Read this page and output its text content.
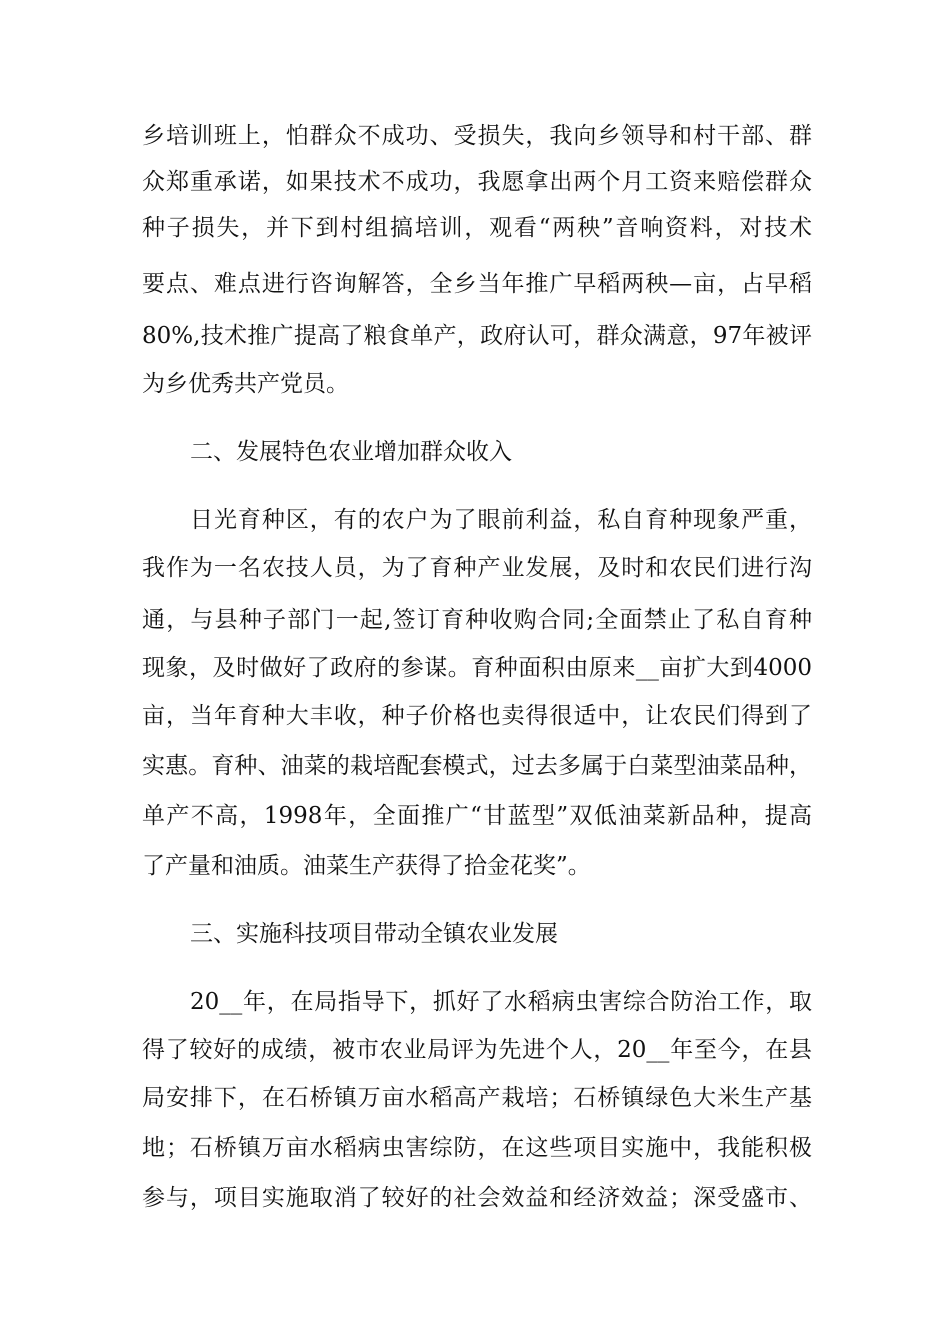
乡培训班上，怕群众不成功、受损失，我向乡领导和村干部、群
众郑重承诺，如果技术不成功，我愿拿出两个月工资来赔偿群众
种子损失，并下到村组搞培训，观看“两秧”音响资料，对技术
要点、难点进行咨询解答，全乡当年推广早稻两秧—亩，占早稻
80%,技术推广提高了粮食单产，政府认可，群众满意，97年被评
为乡优秀共产党员。
二、发展特色农业增加群众收入
日光育种区，有的农户为了眼前利益，私自育种现象严重，
我作为一名农技人员，为了育种产业发展，及时和农民们进行沟
通，与县种子部门一起,签订育种收购合同;全面禁止了私自育种
现象，及时做好了政府的参谋。育种面积由原来__亩扩大到4000
亩，当年育种大丰收，种子价格也卖得很适中，让农民们得到了
实惠。育种、油菜的栽培配套模式，过去多属于白菜型油菜品种，
单产不高，1998年，全面推广“甘蓝型”双低油菜新品种，提高
了产量和油质。油菜生产获得了拾金花奖”。
三、实施科技项目带动全镇农业发展
20__年，在局指导下，抓好了水稻病虫害综合防治工作，取
得了较好的成绩，被市农业局评为先进个人，20__年至今，在县
局安排下，在石桥镇万亩水稻高产栽培；石桥镇绿色大米生产基
地；石桥镇万亩水稻病虫害综防，在这些项目实施中，我能积极
参与，项目实施取消了较好的社会效益和经济效益；深受盛市、
